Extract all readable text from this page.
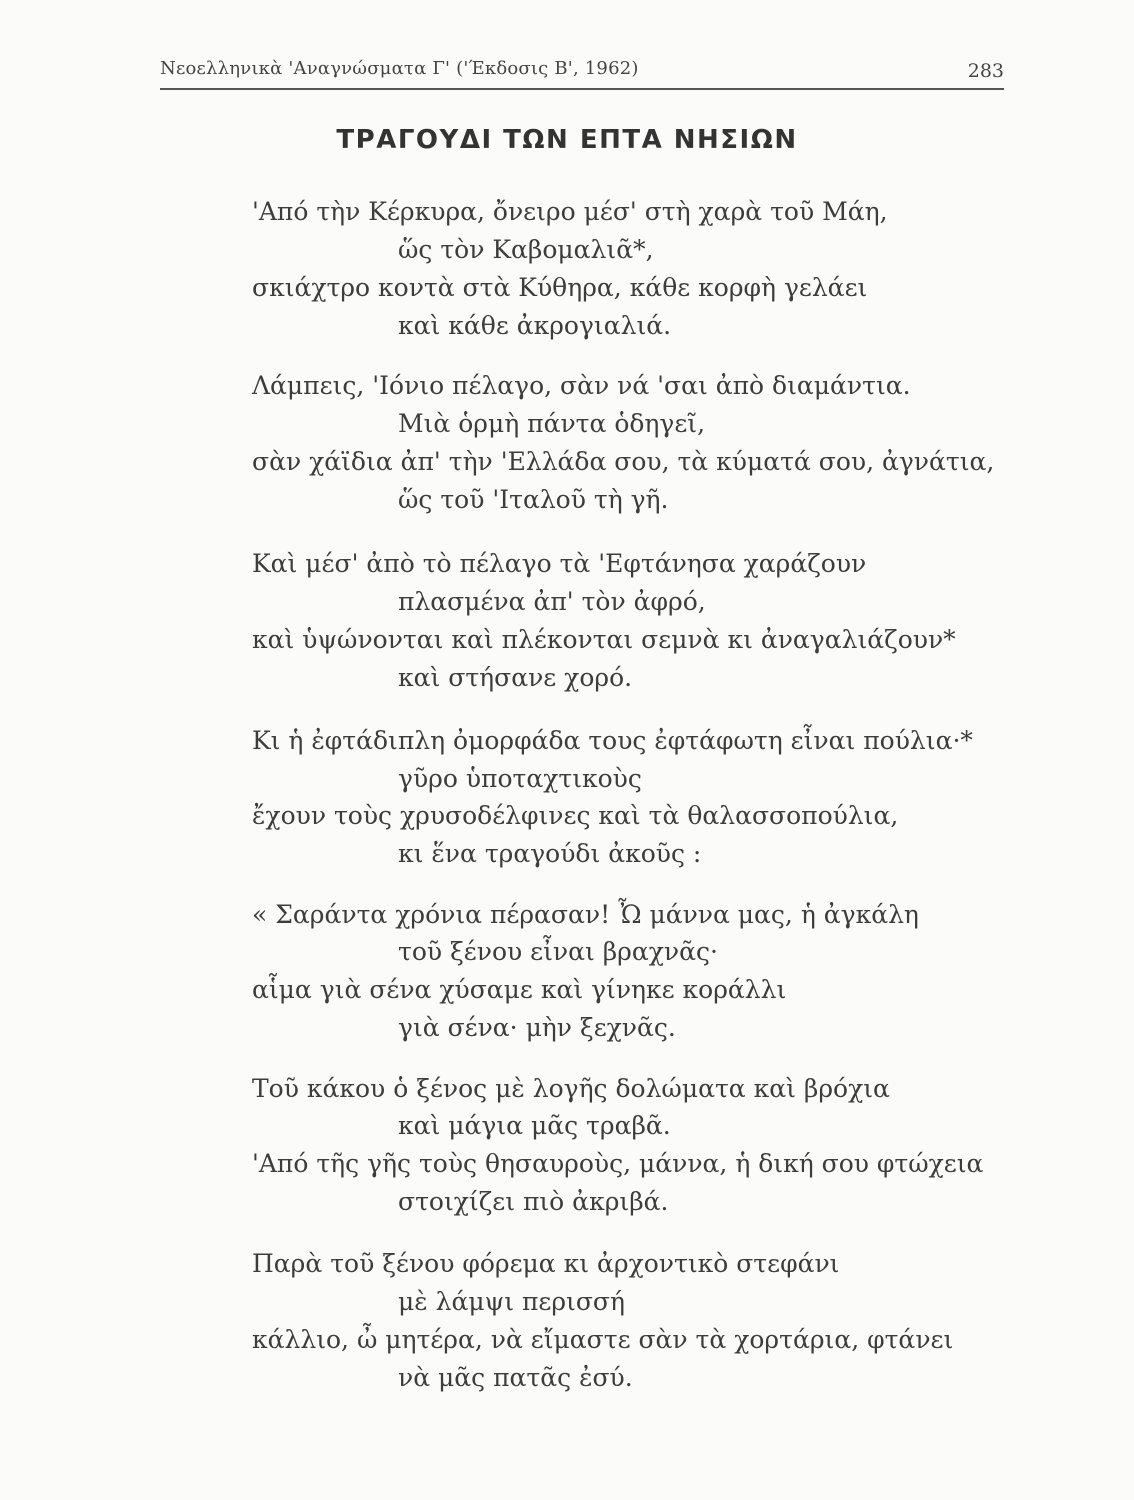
Νεοελληνικὰ 'Αναγνώσματα Γ' ('Έκδοσις Β', 1962)	283
ΤΡΑΓΟΥΔΙ ΤΩΝ ΕΠΤΑ ΝΗΣΙΩΝ
'Από τὴν Κέρκυρα, ὄνειρο μέσ' στὴ χαρὰ τοῦ Μάη,
ὥς τὸν Καβομαλιᾶ*,
σκιάχτρο κοντὰ στὰ Κύθηρα, κάθε κορφὴ γελάει
καὶ κάθε ἀκρογιαλιά.
Λάμπεις, 'Ιόνιο πέλαγο, σὰν νά 'σαι ἀπὸ διαμάντια.
Μιὰ ὁρμὴ πάντα ὁδηγεῖ,
σὰν χάϊδια ἀπ' τὴν 'Ελλάδα σου, τὰ κύματά σου, ἀγνάτια,
ὥς τοῦ 'Ιταλοῦ τὴ γῆ.
Καὶ μέσ' ἀπὸ τὸ πέλαγο τὰ 'Εφτάνησα χαράζουν
πλασμένα ἀπ' τὸν ἀφρό,
καὶ ὑψώνονται καὶ πλέκονται σεμνὰ κι ἀναγαλιάζουν*
καὶ στήσανε χορό.
Κι ἡ ἐφτάδιπλη ὀμορφάδα τους ἐφτάφωτη εἶναι πούλια·*
γῦρο ὑποταχτικοὺς
ἔχουν τοὺς χρυσοδέλφινες καὶ τὰ θαλασσοπούλια,
κι ἕνα τραγούδι ἀκοῦς :
« Σαράντα χρόνια πέρασαν! Ὦ μάννα μας, ἡ ἀγκάλη
τοῦ ξένου εἶναι βραχνᾶς·
αἷμα γιὰ σένα χύσαμε καὶ γίνηκε κοράλλι
γιὰ σένα· μὴν ξεχνᾶς.
Τοῦ κάκου ὁ ξένος μὲ λογῆς δολώματα καὶ βρόχια
καὶ μάγια μᾶς τραβᾶ.
'Από τῆς γῆς τοὺς θησαυροὺς, μάννα, ἡ δική σου φτώχεια
στοιχίζει πιὸ ἀκριβά.
Παρὰ τοῦ ξένου φόρεμα κι ἀρχοντικὸ στεφάνι
μὲ λάμψι περισσή
κάλλιο, ὦ μητέρα, νὰ εἴμαστε σὰν τὰ χορτάρια, φτάνει
νὰ μᾶς πατᾶς ἐσύ.
